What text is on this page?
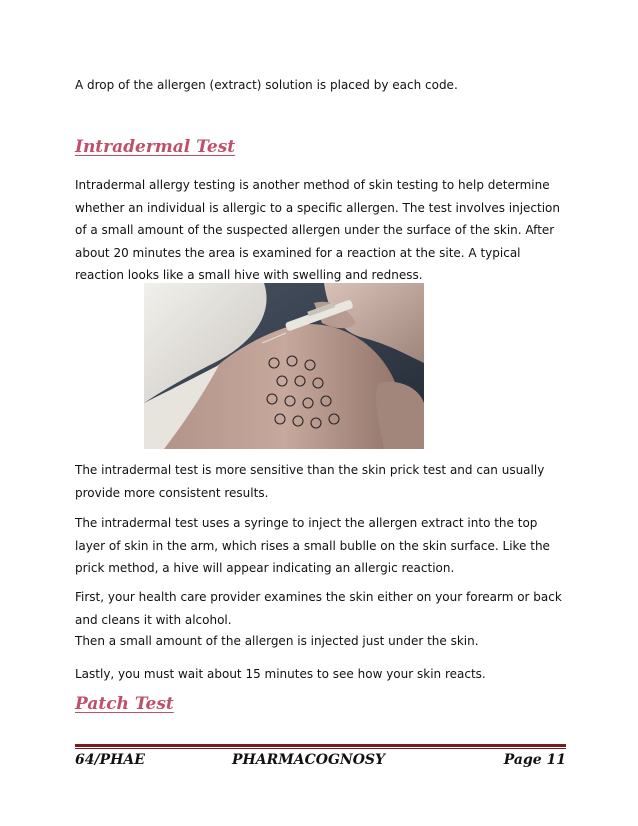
A drop of the allergen (extract) solution is placed by each code.
Intradermal Test
Intradermal allergy testing is another method of skin testing to help determine whether an individual is allergic to a specific allergen. The test involves injection of a small amount of the suspected allergen under the surface of the skin. After about 20 minutes the area is examined for a reaction at the site. A typical reaction looks like a small hive with swelling and redness.
The intradermal test is more sensitive than the skin prick test and can usually provide more consistent results.
The intradermal test uses a syringe to inject the allergen extract into the top layer of skin in the arm, which rises a small bublle on the skin surface. Like the prick method, a hive will appear indicating an allergic reaction.
First, your health care provider examines the skin either on your forearm or back and cleans it with alcohol.
Then a small amount of the allergen is injected just under the skin.
Lastly, you must wait about 15 minutes to see how your skin reacts.
Patch Test
64/PHAE	PHARMACOGNOSY	Page 11
